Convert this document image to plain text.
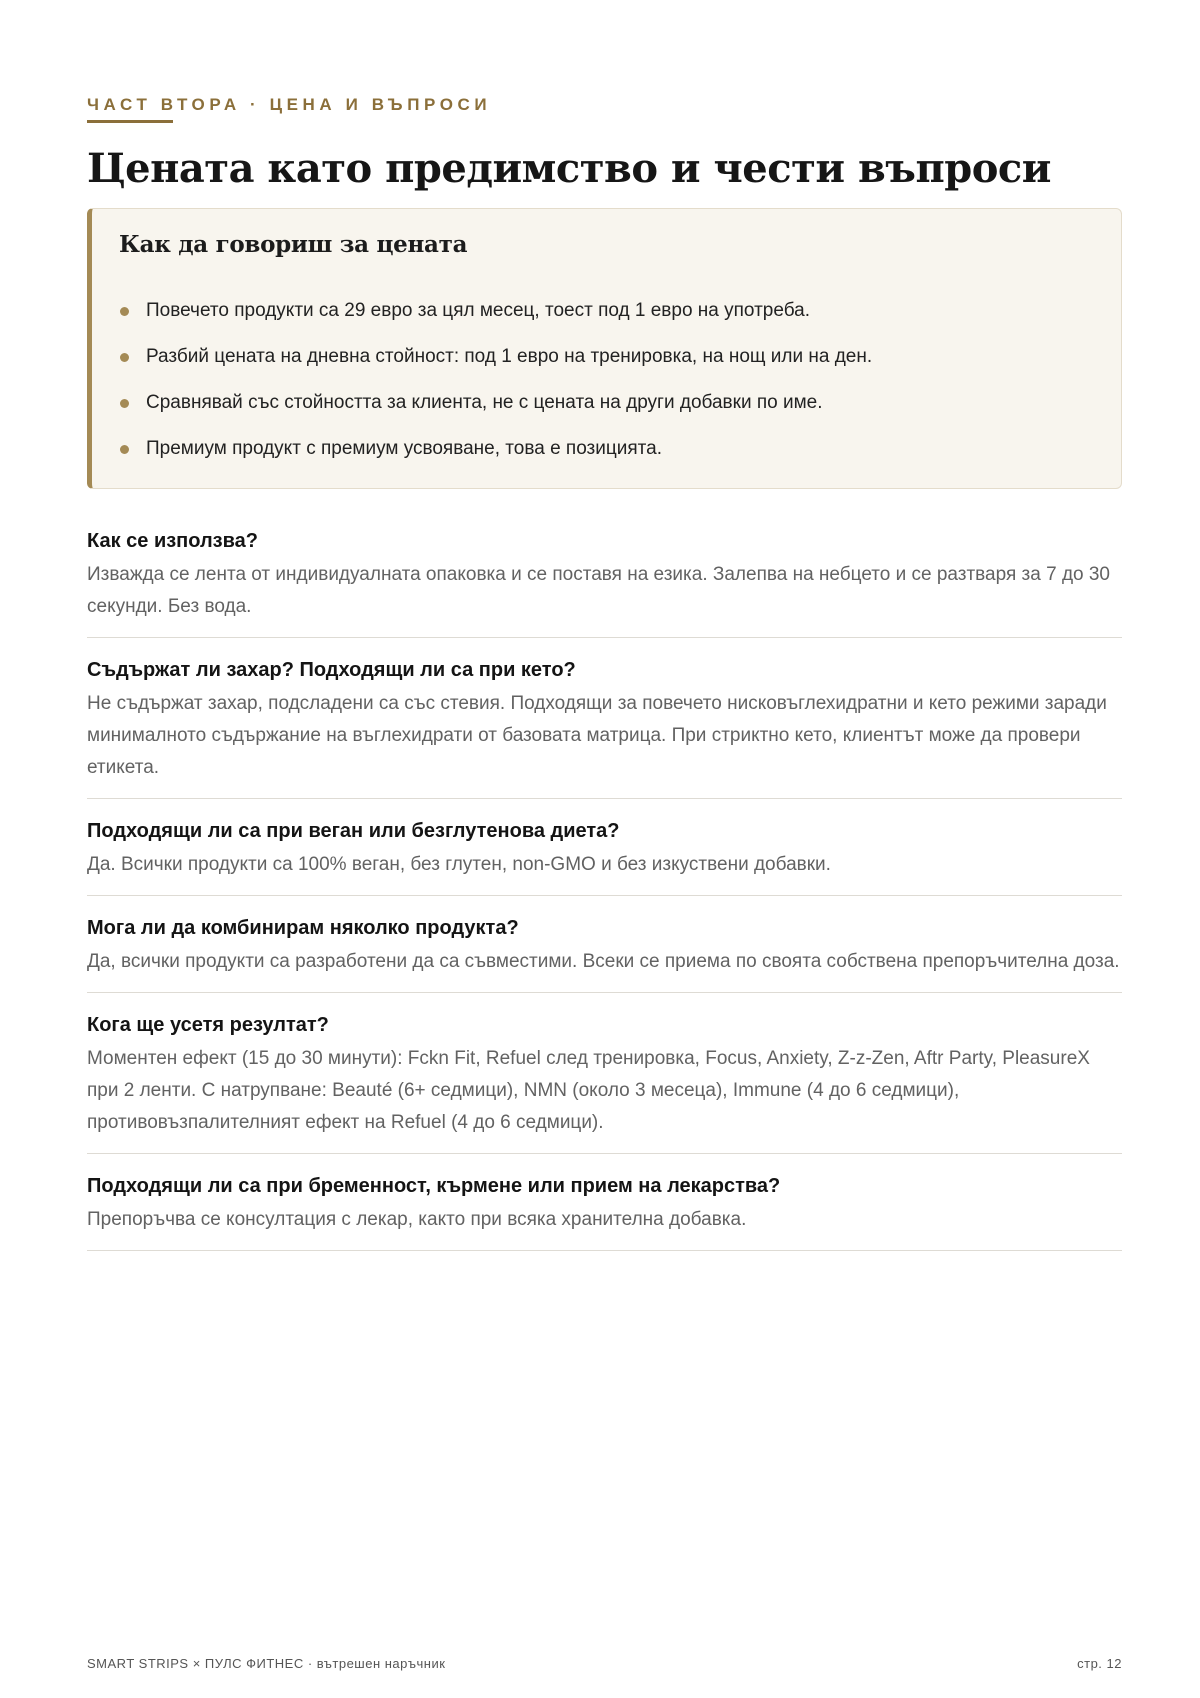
ЧАСТ ВТОРА · ЦЕНА И ВЪПРОСИ
Цената като предимство и чести въпроси
Как да говориш за цената
Повечето продукти са 29 евро за цял месец, тоест под 1 евро на употреба.
Разбий цената на дневна стойност: под 1 евро на тренировка, на нощ или на ден.
Сравнявай със стойността за клиента, не с цената на други добавки по име.
Премиум продукт с премиум усвояване, това е позицията.
Как се използва?
Изважда се лента от индивидуалната опаковка и се поставя на езика. Залепва на небцето и се разтваря за 7 до 30 секунди. Без вода.
Съдържат ли захар? Подходящи ли са при кето?
Не съдържат захар, подсладени са със стевия. Подходящи за повечето нисковъглехидратни и кето режими заради минималното съдържание на въглехидрати от базовата матрица. При стриктно кето, клиентът може да провери етикета.
Подходящи ли са при веган или безглутенова диета?
Да. Всички продукти са 100% веган, без глутен, non-GMO и без изкуствени добавки.
Мога ли да комбинирам няколко продукта?
Да, всички продукти са разработени да са съвместими. Всеки се приема по своята собствена препоръчителна доза.
Кога ще усетя резултат?
Моментен ефект (15 до 30 минути): Fckn Fit, Refuel след тренировка, Focus, Anxiety, Z-z-Zen, Aftr Party, PleasureX при 2 ленти. С натрупване: Beauté (6+ седмици), NMN (около 3 месеца), Immune (4 до 6 седмици), противовъзпалителният ефект на Refuel (4 до 6 седмици).
Подходящи ли са при бременност, кърмене или прием на лекарства?
Препоръчва се консултация с лекар, както при всяка хранителна добавка.
SMART STRIPS × ПУЛС ФИТНЕС · вътрешен наръчник	стр. 12
